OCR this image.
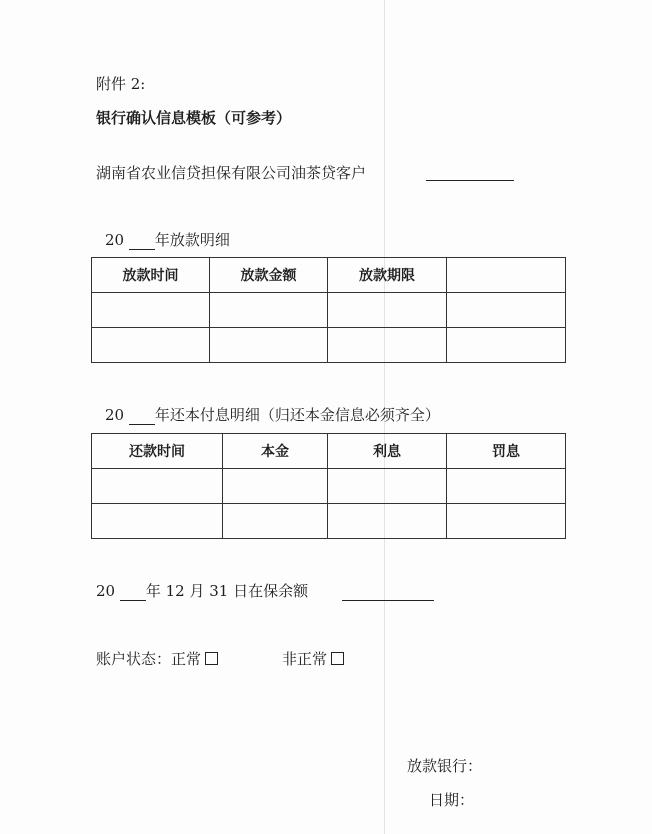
附件 2:
银行确认信息模板（可参考）
湖南省农业信贷担保有限公司油茶贷客户
20 年放款明细
放款时间	放款金额	放款期限	

20 年还本付息明细（归还本金信息必须齐全）
还款时间	本金	利息	罚息

20 年 12 月 31 日在保余额
账户状态：正常	非正常
放款银行：
日期：
